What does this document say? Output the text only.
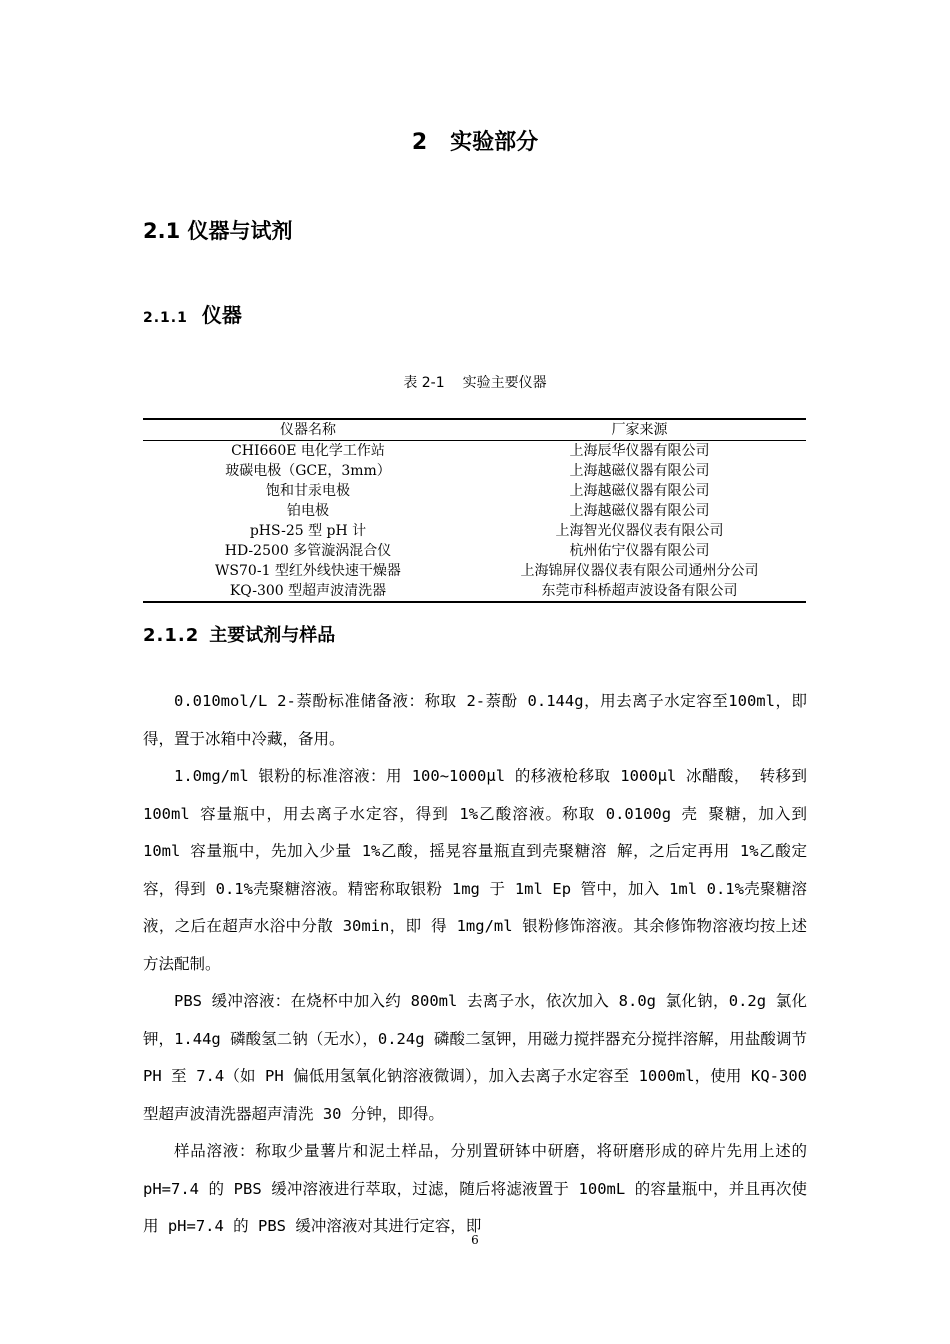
2 实验部分
2.1 仪器与试剂
2.1.1 仪器
表 2-1 实验主要仪器
仪器名称	厂家来源
CHI660E 电化学工作站	上海辰华仪器有限公司
玻碳电极（GCE，3mm）	上海越磁仪器有限公司
饱和甘汞电极	上海越磁仪器有限公司
铂电极	上海越磁仪器有限公司
pHS-25 型 pH 计	上海智光仪器仪表有限公司
HD-2500 多管漩涡混合仪	杭州佑宁仪器有限公司
WS70-1 型红外线快速干燥器	上海锦屏仪器仪表有限公司通州分公司
KQ-300 型超声波清洗器	东莞市科桥超声波设备有限公司
2.1.2 主要试剂与样品

0.010mol/L 2-萘酚标准储备液：称取 2-萘酚 0.144g，用去离子水定容至100ml，即得，置于冰箱中冷藏，备用。

1.0mg/ml 银粉的标准溶液：用 100~1000μl 的移液枪移取 1000μl 冰醋酸， 转移到 100ml 容量瓶中，用去离子水定容，得到 1%乙酸溶液。称取 0.0100g 壳 聚糖，加入到 10ml 容量瓶中，先加入少量 1%乙酸，摇晃容量瓶直到壳聚糖溶 解，之后定再用 1%乙酸定容，得到 0.1%壳聚糖溶液。精密称取银粉 1mg 于 1ml Ep 管中，加入 1ml 0.1%壳聚糖溶液，之后在超声水浴中分散 30min，即 得 1mg/ml 银粉修饰溶液。其余修饰物溶液均按上述方法配制。

PBS 缓冲溶液：在烧杯中加入约 800ml 去离子水，依次加入 8.0g 氯化钠，0.2g 氯化钾，1.44g 磷酸氢二钠（无水），0.24g 磷酸二氢钾，用磁力搅拌器充分搅拌溶解，用盐酸调节 PH 至 7.4（如 PH 偏低用氢氧化钠溶液微调），加入去离子水定容至 1000ml，使用 KQ-300 型超声波清洗器超声清洗 30 分钟，即得。

样品溶液：称取少量薯片和泥土样品，分别置研钵中研磨，将研磨形成的碎片先用上述的 pH=7.4 的 PBS 缓冲溶液进行萃取，过滤，随后将滤液置于 100mL 的容量瓶中，并且再次使用 pH=7.4 的 PBS 缓冲溶液对其进行定容，即

6
